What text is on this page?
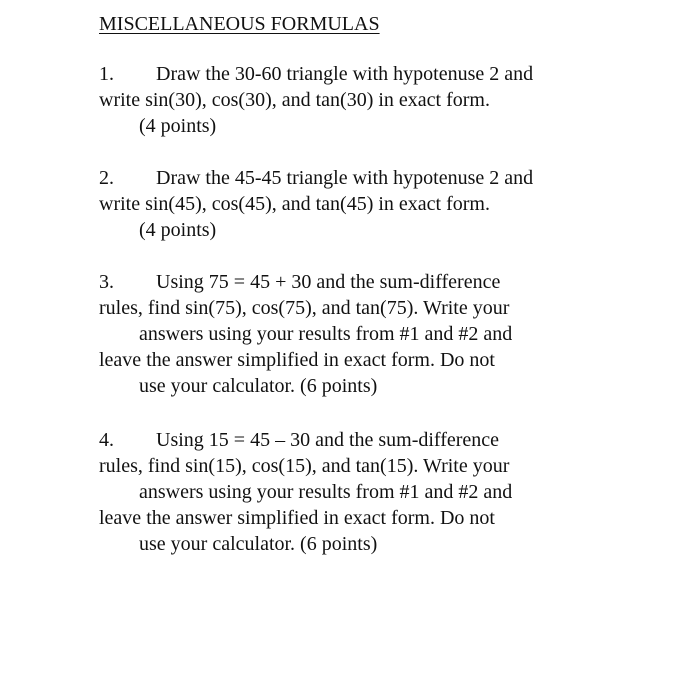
MISCELLANEOUS FORMULAS
1. Draw the 30-60 triangle with hypotenuse 2 and
write sin(30), cos(30), and tan(30) in exact form.
(4 points)
2. Draw the 45-45 triangle with hypotenuse 2 and
write sin(45), cos(45), and tan(45) in exact form.
(4 points)
3. Using 75 = 45 + 30 and the sum-difference
rules, find sin(75), cos(75), and tan(75). Write your
answers using your results from #1 and #2 and
leave the answer simplified in exact form. Do not
use your calculator. (6 points)
4. Using 15 = 45 – 30 and the sum-difference
rules, find sin(15), cos(15), and tan(15). Write your
answers using your results from #1 and #2 and
leave the answer simplified in exact form. Do not
use your calculator. (6 points)
